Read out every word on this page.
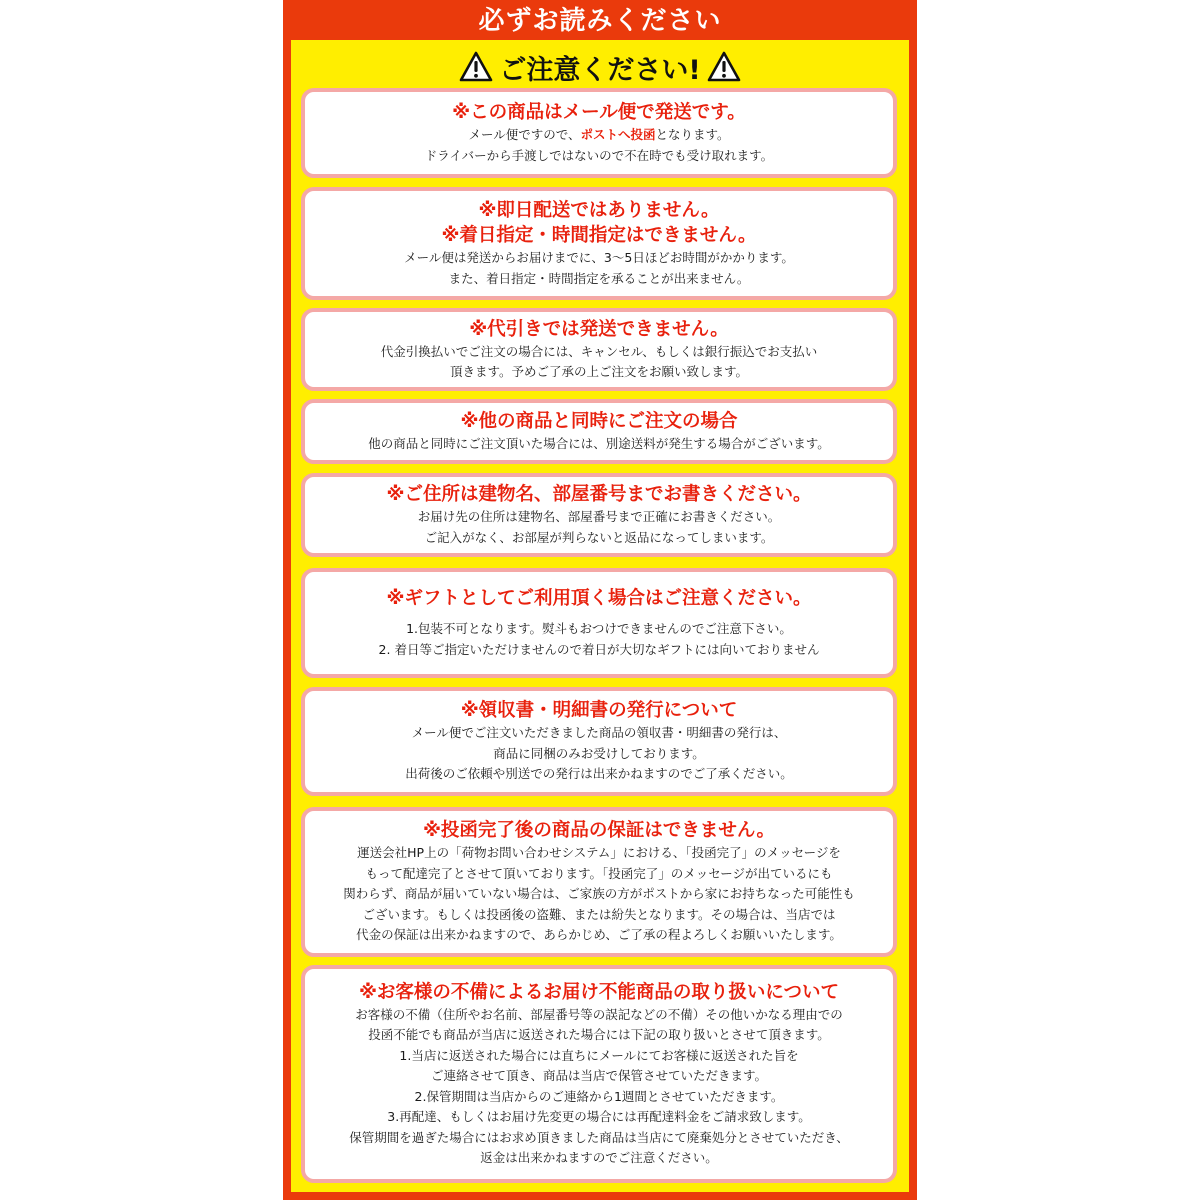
必ずお読みください
ご注意ください!
※この商品はメール便で発送です。
メール便ですので、ポストへ投函となります。
ドライバーから手渡しではないので不在時でも受け取れます。
※即日配送ではありません。
※着日指定・時間指定はできません。
メール便は発送からお届けまでに、3〜5日ほどお時間がかかります。
また、着日指定・時間指定を承ることが出来ません。
※代引きでは発送できません。
代金引換払いでご注文の場合には、キャンセル、もしくは銀行振込でお支払い
頂きます。予めご了承の上ご注文をお願い致します。
※他の商品と同時にご注文の場合
他の商品と同時にご注文頂いた場合には、別途送料が発生する場合がございます。
※ご住所は建物名、部屋番号までお書きください。
お届け先の住所は建物名、部屋番号まで正確にお書きください。
ご記入がなく、お部屋が判らないと返品になってしまいます。
※ギフトとしてご利用頂く場合はご注意ください。
1.包装不可となります。熨斗もおつけできませんのでご注意下さい。
2. 着日等ご指定いただけませんので着日が大切なギフトには向いておりません
※領収書・明細書の発行について
メール便でご注文いただきました商品の領収書・明細書の発行は、
商品に同梱のみお受けしております。
出荷後のご依頼や別送での発行は出来かねますのでご了承ください。
※投函完了後の商品の保証はできません。
運送会社HP上の「荷物お問い合わせシステム」における、「投函完了」のメッセージを
もって配達完了とさせて頂いております。「投函完了」のメッセージが出ているにも
関わらず、商品が届いていない場合は、ご家族の方がポストから家にお持ちなった可能性も
ございます。もしくは投函後の盗難、または紛失となります。その場合は、当店では
代金の保証は出来かねますので、あらかじめ、ご了承の程よろしくお願いいたします。
※お客様の不備によるお届け不能商品の取り扱いについて
お客様の不備（住所やお名前、部屋番号等の誤記などの不備）その他いかなる理由での
投函不能でも商品が当店に返送された場合には下記の取り扱いとさせて頂きます。
1.当店に返送された場合には直ちにメールにてお客様に返送された旨を
ご連絡させて頂き、商品は当店で保管させていただきます。
2.保管期間は当店からのご連絡から1週間とさせていただきます。
3.再配達、もしくはお届け先変更の場合には再配達料金をご請求致します。
保管期間を過ぎた場合にはお求め頂きました商品は当店にて廃棄処分とさせていただき、
返金は出来かねますのでご注意ください。
